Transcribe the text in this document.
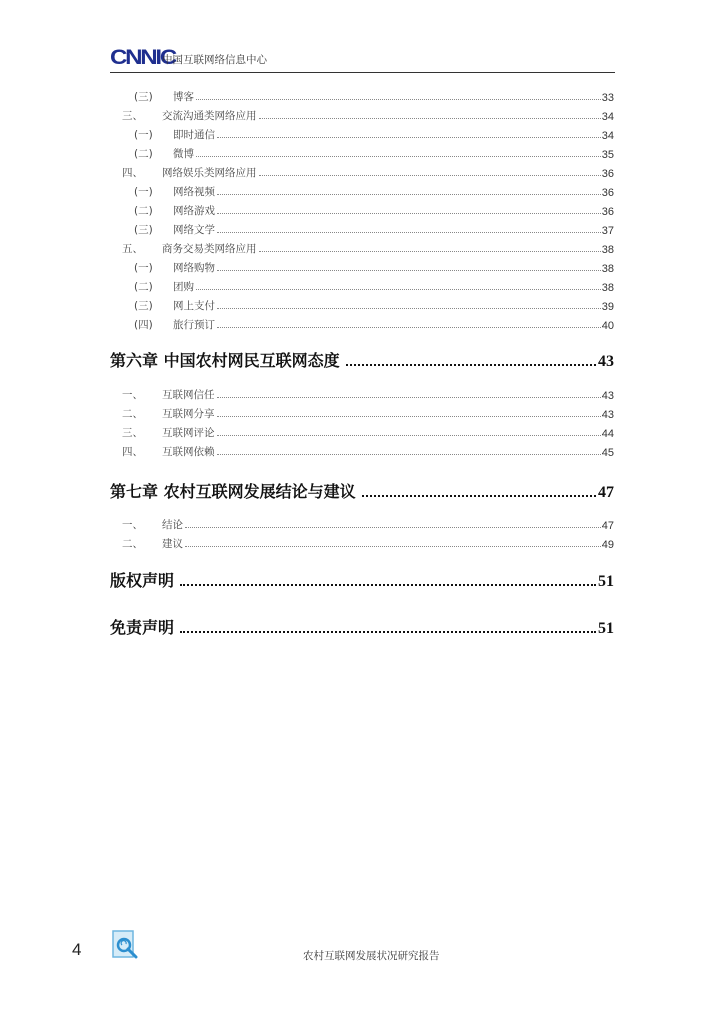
CNNIC
中国互联网络信息中心
(三)	博客	33
三、	交流沟通类网络应用	34
(一)	即时通信	34
(二)	微博	35
四、	网络娱乐类网络应用	36
(一)	网络视频	36
(二)	网络游戏	36
(三)	网络文学	37
五、	商务交易类网络应用	38
(一)	网络购物	38
(二)	团购	38
(三)	网上支付	39
(四)	旅行预订	40
第六章 中国农村网民互联网态度	43
一、	互联网信任	43
二、	互联网分享	43
三、	互联网评论	44
四、	互联网依赖	45
第七章 农村互联网发展结论与建议	47
一、	结论	47
二、	建议	49
版权声明	51
免责声明	51
4	农村互联网发展状况研究报告
